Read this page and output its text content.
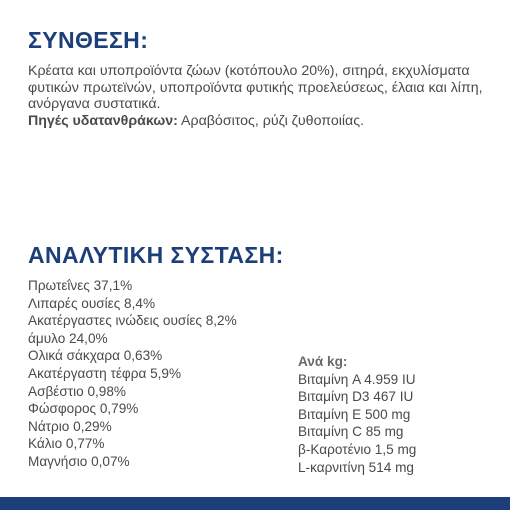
ΣΥΝΘΕΣΗ:

Κρέατα και υποπροϊόντα ζώων (κοτόπουλο 20%), σιτηρά, εκχυλίσματα φυτικών πρωτεϊνών, υποπροϊόντα φυτικής προελεύσεως, έλαια και λίπη, ανόργανα συστατικά.
Πηγές υδατανθράκων: Αραβόσιτος, ρύζι ζυθοποιίας.

ΑΝΑΛΥΤΙΚΗ ΣΥΣΤΑΣΗ:
Πρωτεΐνες 37,1%
Λιπαρές ουσίες 8,4%
Ακατέργαστες ινώδεις ουσίες 8,2%
άμυλο 24,0%
Ολικά σάκχαρα 0,63%
Ακατέργαστη τέφρα 5,9%
Ασβέστιο 0,98%
Φώσφορος 0,79%
Νάτριο 0,29%
Κάλιο 0,77%
Μαγνήσιο 0,07%
Ανά kg:
Βιταμίνη A 4.959 IU
Βιταμίνη D3 467 IU
Βιταμίνη E 500 mg
Βιταμίνη C 85 mg
β-Καροτένιο 1,5 mg
L-καρνιτίνη 514 mg
